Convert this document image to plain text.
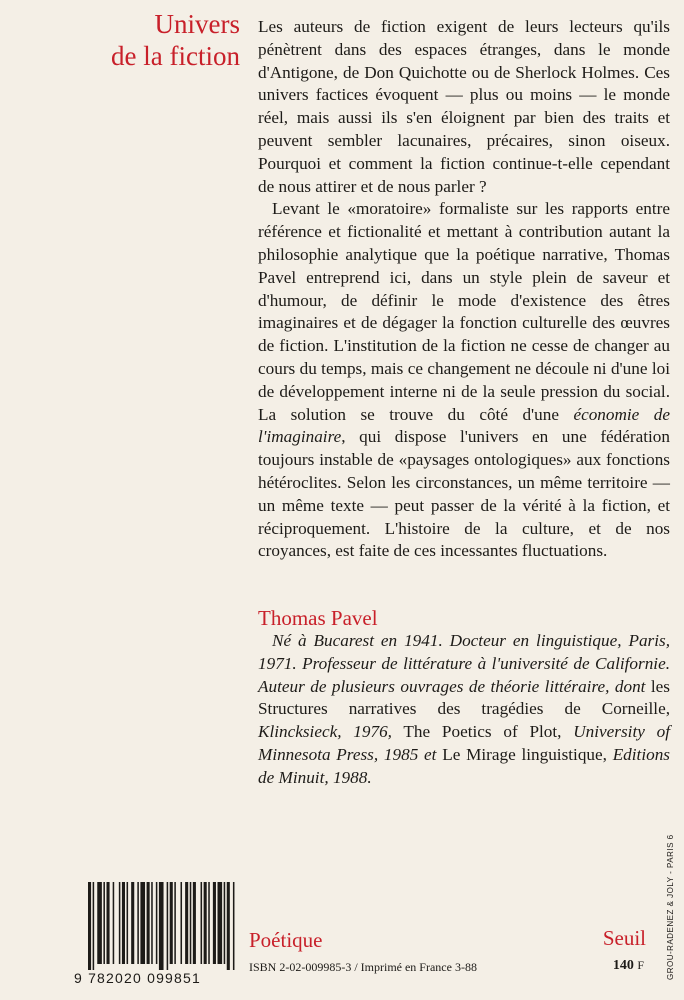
Univers
de la fiction

Les auteurs de fiction exigent de leurs lecteurs qu'ils pénètrent dans des espaces étranges, dans le monde d'Antigone, de Don Quichotte ou de Sherlock Holmes. Ces univers factices évoquent — plus ou moins — le monde réel, mais aussi ils s'en éloignent par bien des traits et peuvent sembler lacunaires, précaires, sinon oiseux. Pourquoi et comment la fiction continue-t-elle cependant de nous attirer et de nous parler ?

Levant le «moratoire» formaliste sur les rapports entre référence et fictionalité et mettant à contribution autant la philosophie analytique que la poétique narrative, Thomas Pavel entreprend ici, dans un style plein de saveur et d'humour, de définir le mode d'existence des êtres imaginaires et de dégager la fonction culturelle des œuvres de fiction. L'institution de la fiction ne cesse de changer au cours du temps, mais ce changement ne découle ni d'une loi de développement interne ni de la seule pression du social. La solution se trouve du côté d'une économie de l'imaginaire, qui dispose l'univers en une fédération toujours instable de «paysages ontologiques» aux fonctions hétéroclites. Selon les circonstances, un même territoire — un même texte — peut passer de la vérité à la fiction, et réciproquement. L'histoire de la culture, et de nos croyances, est faite de ces incessantes fluctuations.

Thomas Pavel
Né à Bucarest en 1941. Docteur en linguistique, Paris, 1971. Professeur de littérature à l'université de Californie. Auteur de plusieurs ouvrages de théorie littéraire, dont les Structures narratives des tragédies de Corneille, Klincksieck, 1976, The Poetics of Plot, University of Minnesota Press, 1985 et Le Mirage linguistique, Editions de Minuit, 1988.
9 782020 099851
Poétique	Seuil
ISBN 2-02-009985-3 / Imprimé en France 3-88	140 F	GROU-RADENEZ & JOLY - PARIS 6
